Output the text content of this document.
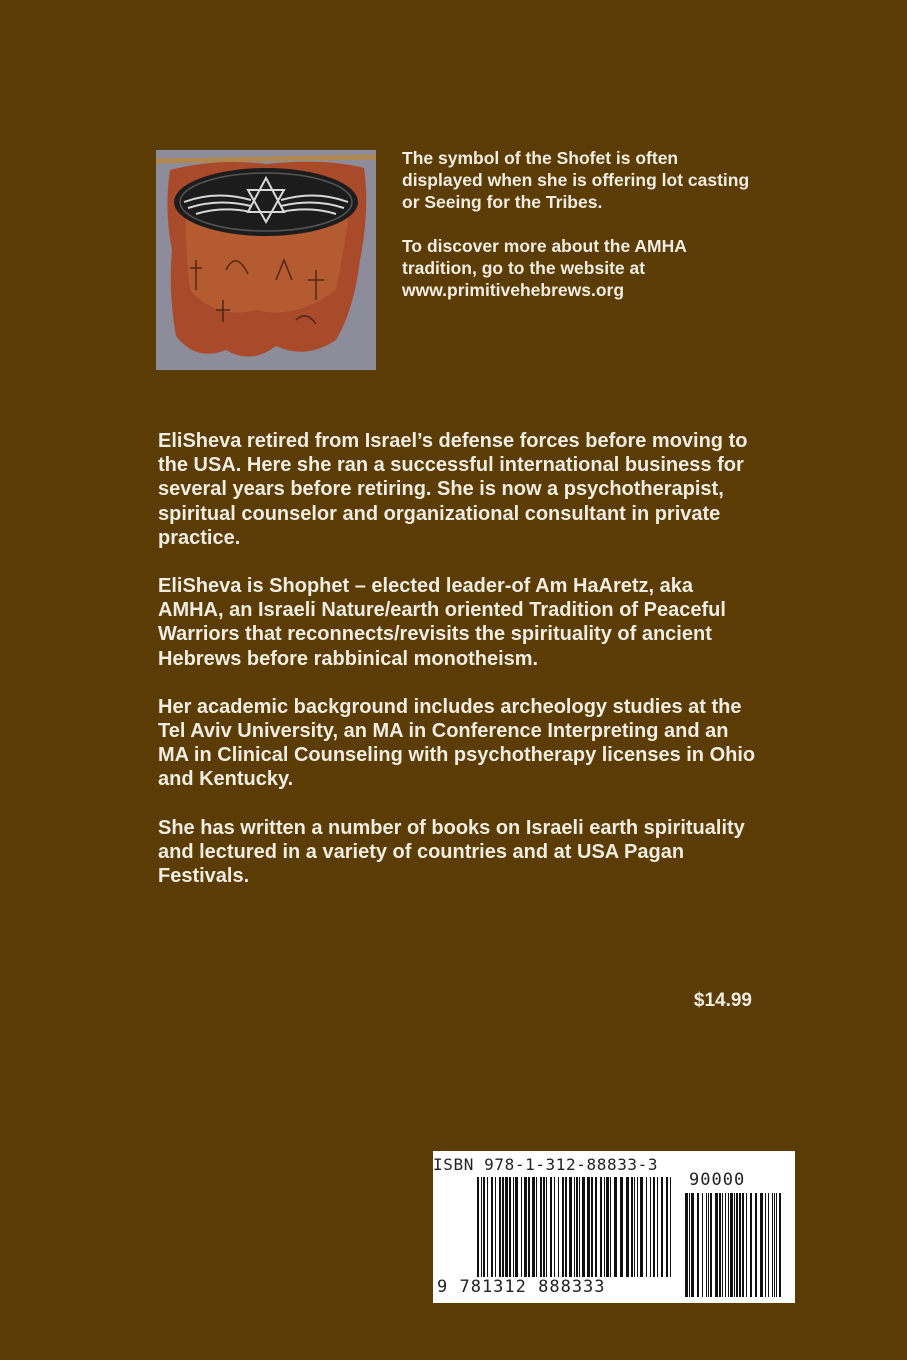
The symbol of the Shofet is often displayed when she is offering lot casting or Seeing for the Tribes.

To discover more about the AMHA tradition, go to the website at www.primitivehebrews.org

EliSheva retired from Israel’s defense forces before moving to the USA. Here she ran a successful international business for several years before retiring. She is now a psychotherapist, spiritual counselor and organizational consultant in private practice.

EliSheva is Shophet – elected leader-of Am HaAretz, aka AMHA, an Israeli Nature/earth oriented Tradition of Peaceful Warriors that reconnects/revisits the spirituality of ancient Hebrews before rabbinical monotheism.

Her academic background includes archeology studies at the Tel Aviv University, an MA in Conference Interpreting and an MA in Clinical Counseling with psychotherapy licenses in Ohio and Kentucky.

She has written a number of books on Israeli earth spirituality and lectured in a variety of countries and at USA Pagan Festivals.

$14.99
ISBN 978-1-312-88833-3
90000
9 781312 888333
